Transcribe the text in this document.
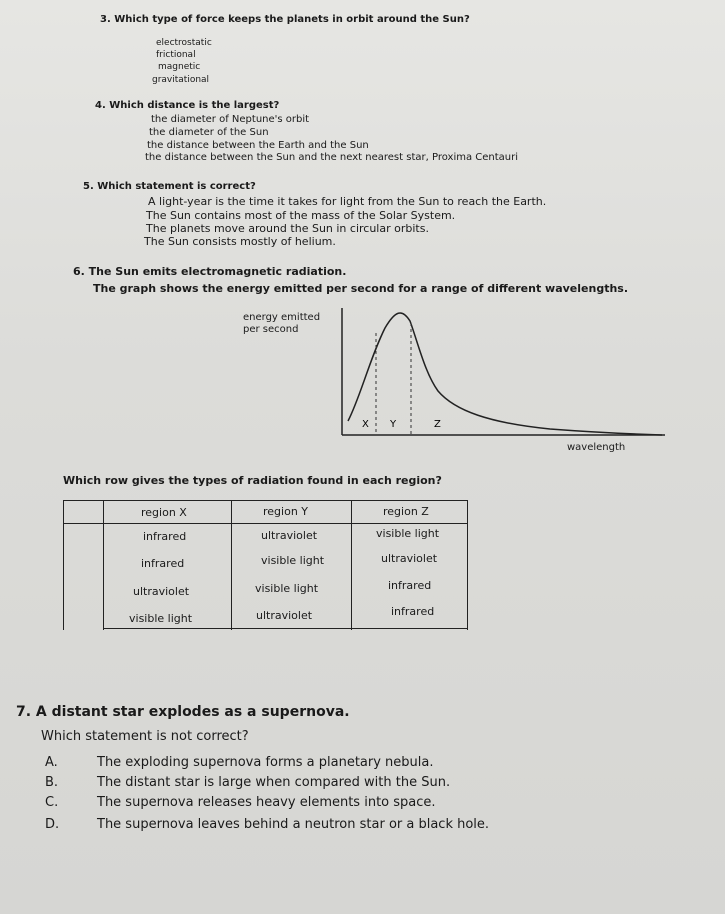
3. Which type of force keeps the planets in orbit around the Sun?
electrostatic
frictional
magnetic
gravitational
4. Which distance is the largest?
the diameter of Neptune's orbit
the diameter of the Sun
the distance between the Earth and the Sun
the distance between the Sun and the next nearest star, Proxima Centauri
5. Which statement is correct?
A light-year is the time it takes for light from the Sun to reach the Earth.
The Sun contains most of the mass of the Solar System.
The planets move around the Sun in circular orbits.
The Sun consists mostly of helium.
6. The Sun emits electromagnetic radiation.
The graph shows the energy emitted per second for a range of different wavelengths.
energy emitted
per second
X Y	Z
wavelength
Which row gives the types of radiation found in each region?
region X	region Y	region Z
infrared	ultraviolet	visible light
infrared	visible light	ultraviolet
ultraviolet	visible light	infrared
visible light	ultraviolet	infrared
7. A distant star explodes as a supernova.
Which statement is not correct?
A.	The exploding supernova forms a planetary nebula.
B.	The distant star is large when compared with the Sun.
C.	The supernova releases heavy elements into space.
D.	The supernova leaves behind a neutron star or a black hole.
